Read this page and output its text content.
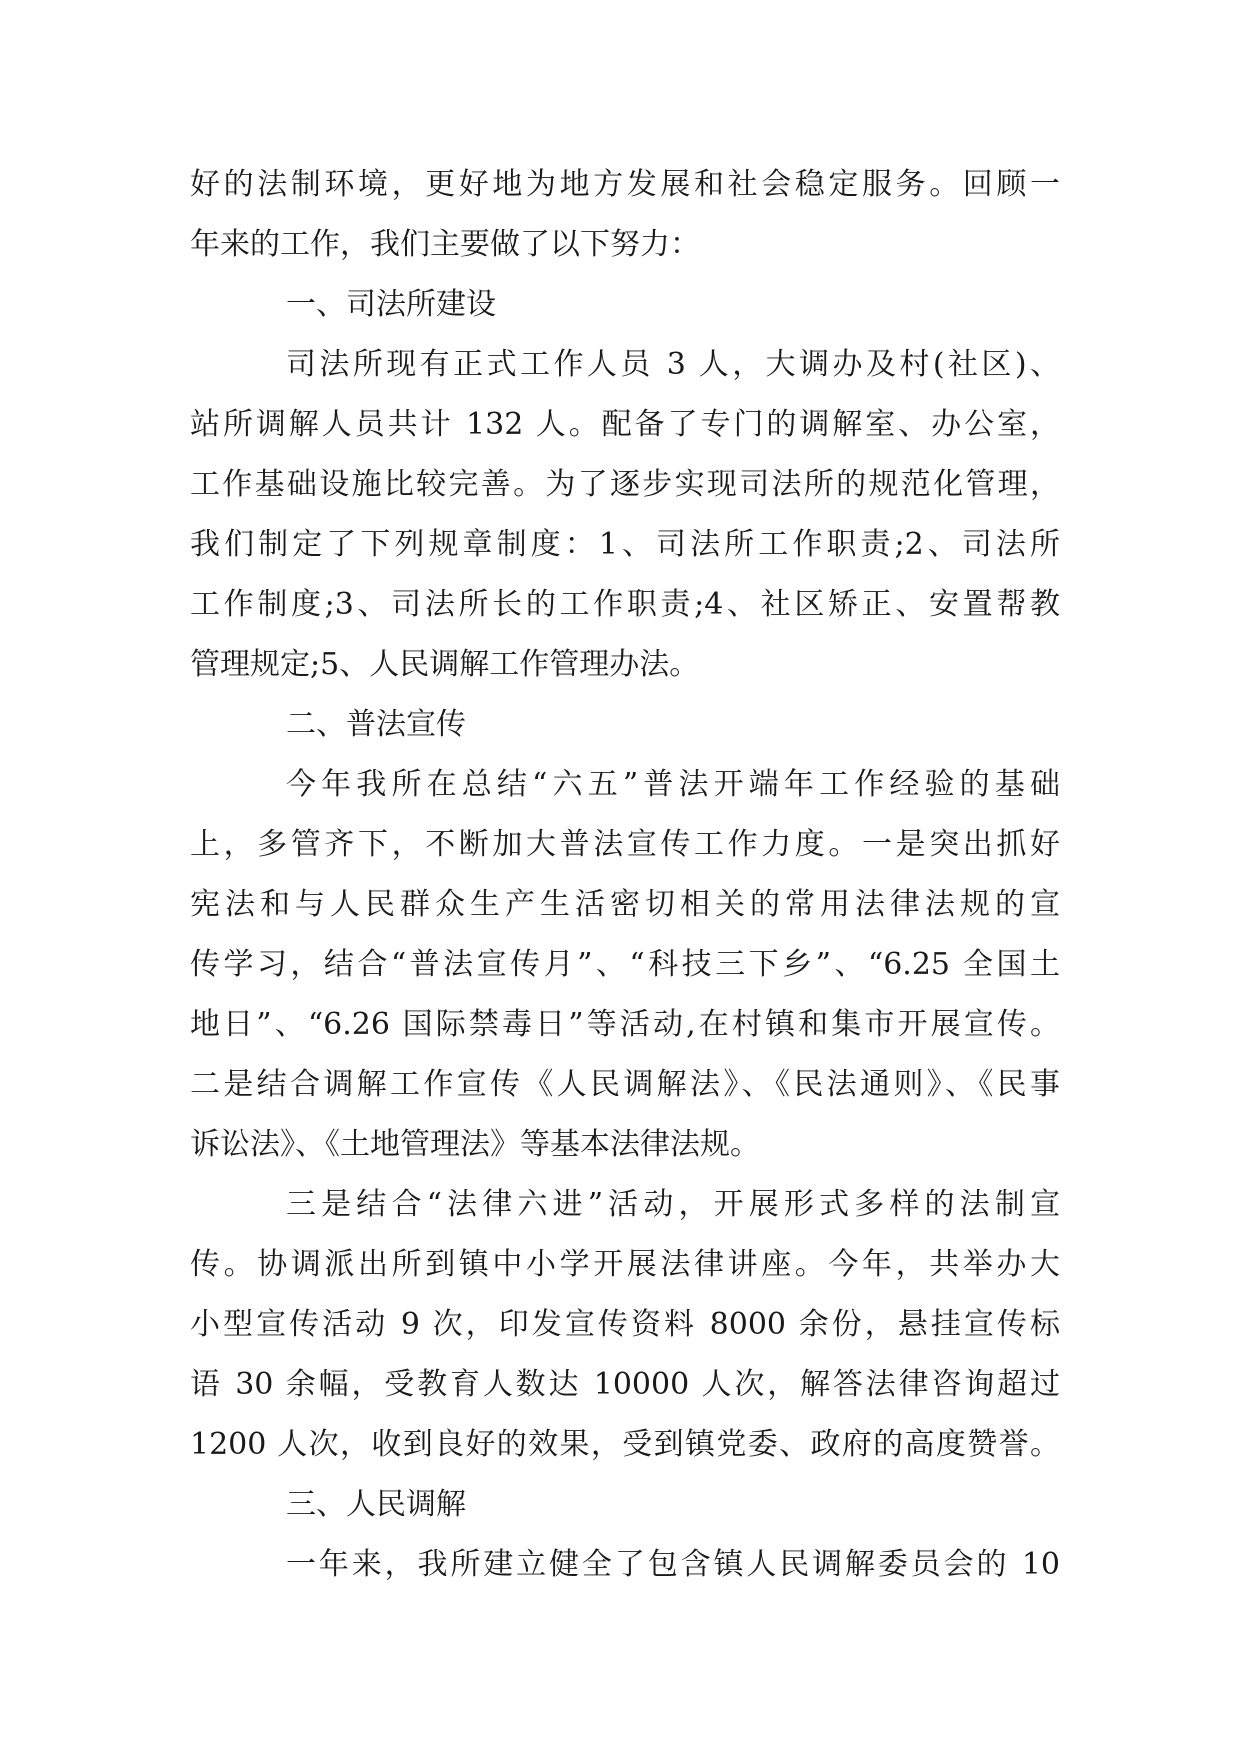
好的法制环境，更好地为地方发展和社会稳定服务。回顾一
年来的工作，我们主要做了以下努力：
一、司法所建设
司法所现有正式工作人员 3 人，大调办及村(社区)、
站所调解人员共计 132 人。配备了专门的调解室、办公室，
工作基础设施比较完善。为了逐步实现司法所的规范化管理，
我们制定了下列规章制度：1、司法所工作职责;2、司法所
工作制度;3、司法所长的工作职责;4、社区矫正、安置帮教
管理规定;5、人民调解工作管理办法。
二、普法宣传
今年我所在总结“六五”普法开端年工作经验的基础
上，多管齐下，不断加大普法宣传工作力度。一是突出抓好
宪法和与人民群众生产生活密切相关的常用法律法规的宣
传学习，结合“普法宣传月”、“科技三下乡”、“6.25 全国土
地日”、“6.26 国际禁毒日”等活动,在村镇和集市开展宣传。
二是结合调解工作宣传《人民调解法》、《民法通则》、《民事
诉讼法》、《土地管理法》等基本法律法规。
三是结合“法律六进”活动，开展形式多样的法制宣
传。协调派出所到镇中小学开展法律讲座。今年，共举办大
小型宣传活动 9 次，印发宣传资料 8000 余份，悬挂宣传标
语 30 余幅，受教育人数达 10000 人次，解答法律咨询超过
1200 人次，收到良好的效果，受到镇党委、政府的高度赞誉。
三、人民调解
一年来，我所建立健全了包含镇人民调解委员会的 10
